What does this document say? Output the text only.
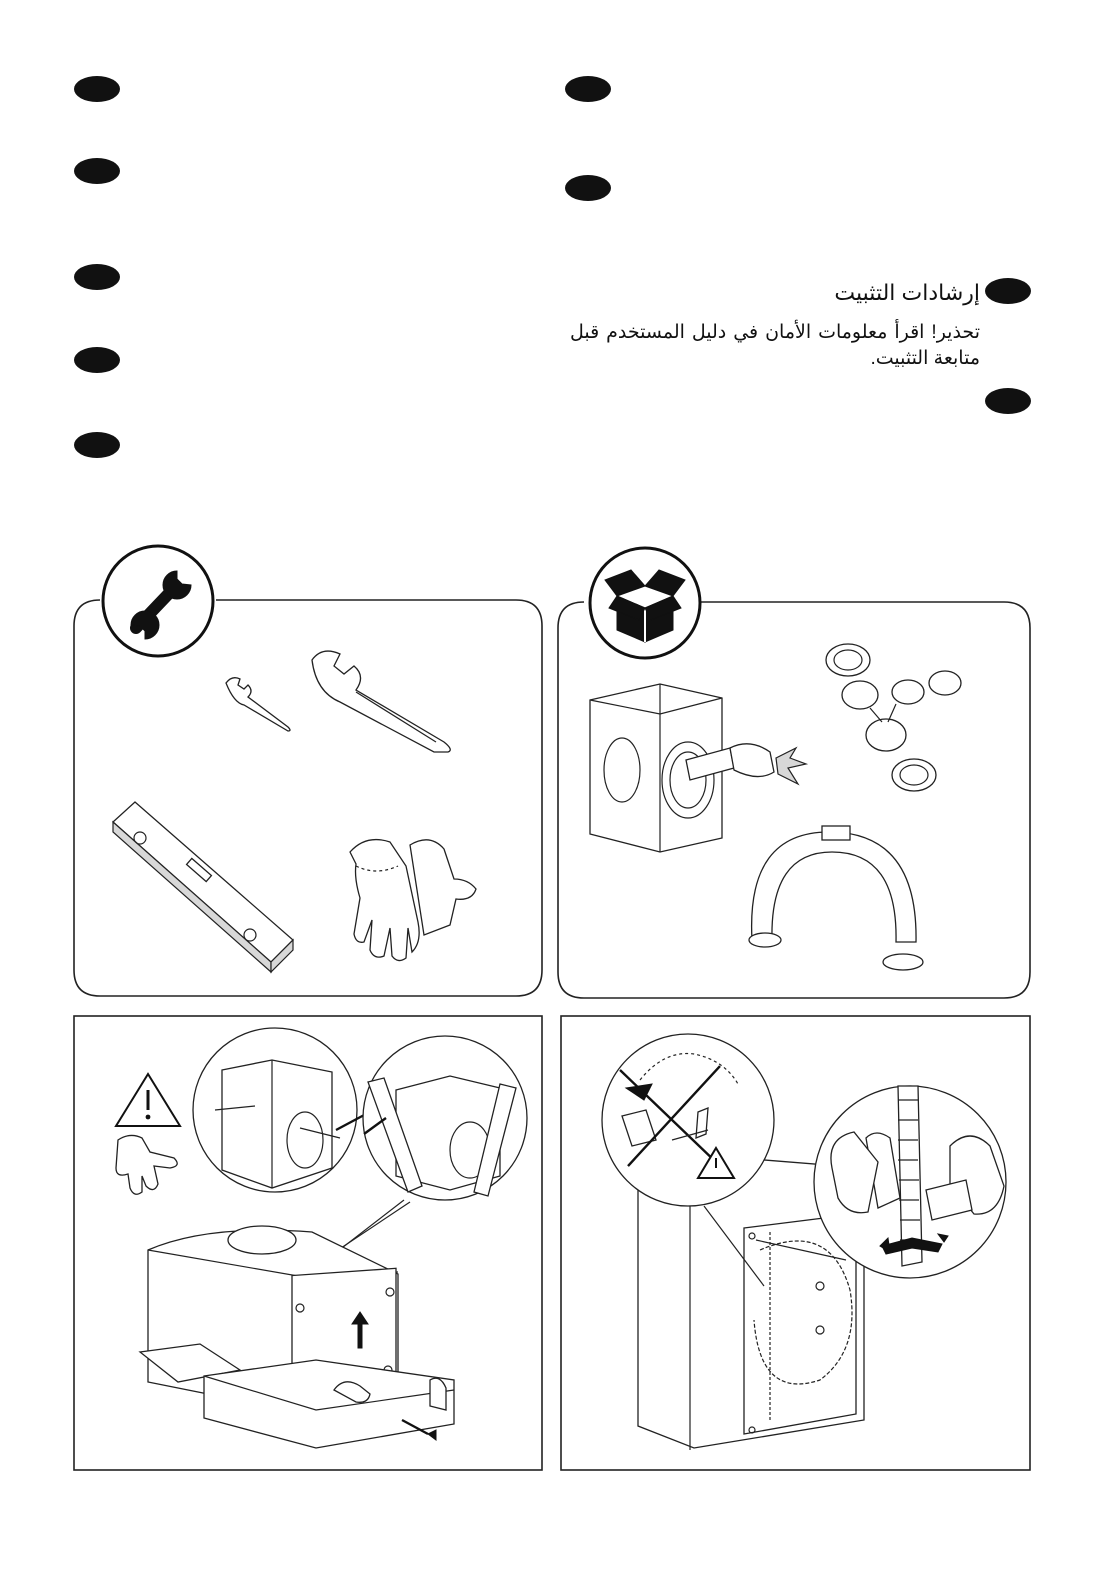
إرشادات التثبيت
تحذير! اقرأ معلومات الأمان في دليل المستخدم قبل متابعة التثبيت.
